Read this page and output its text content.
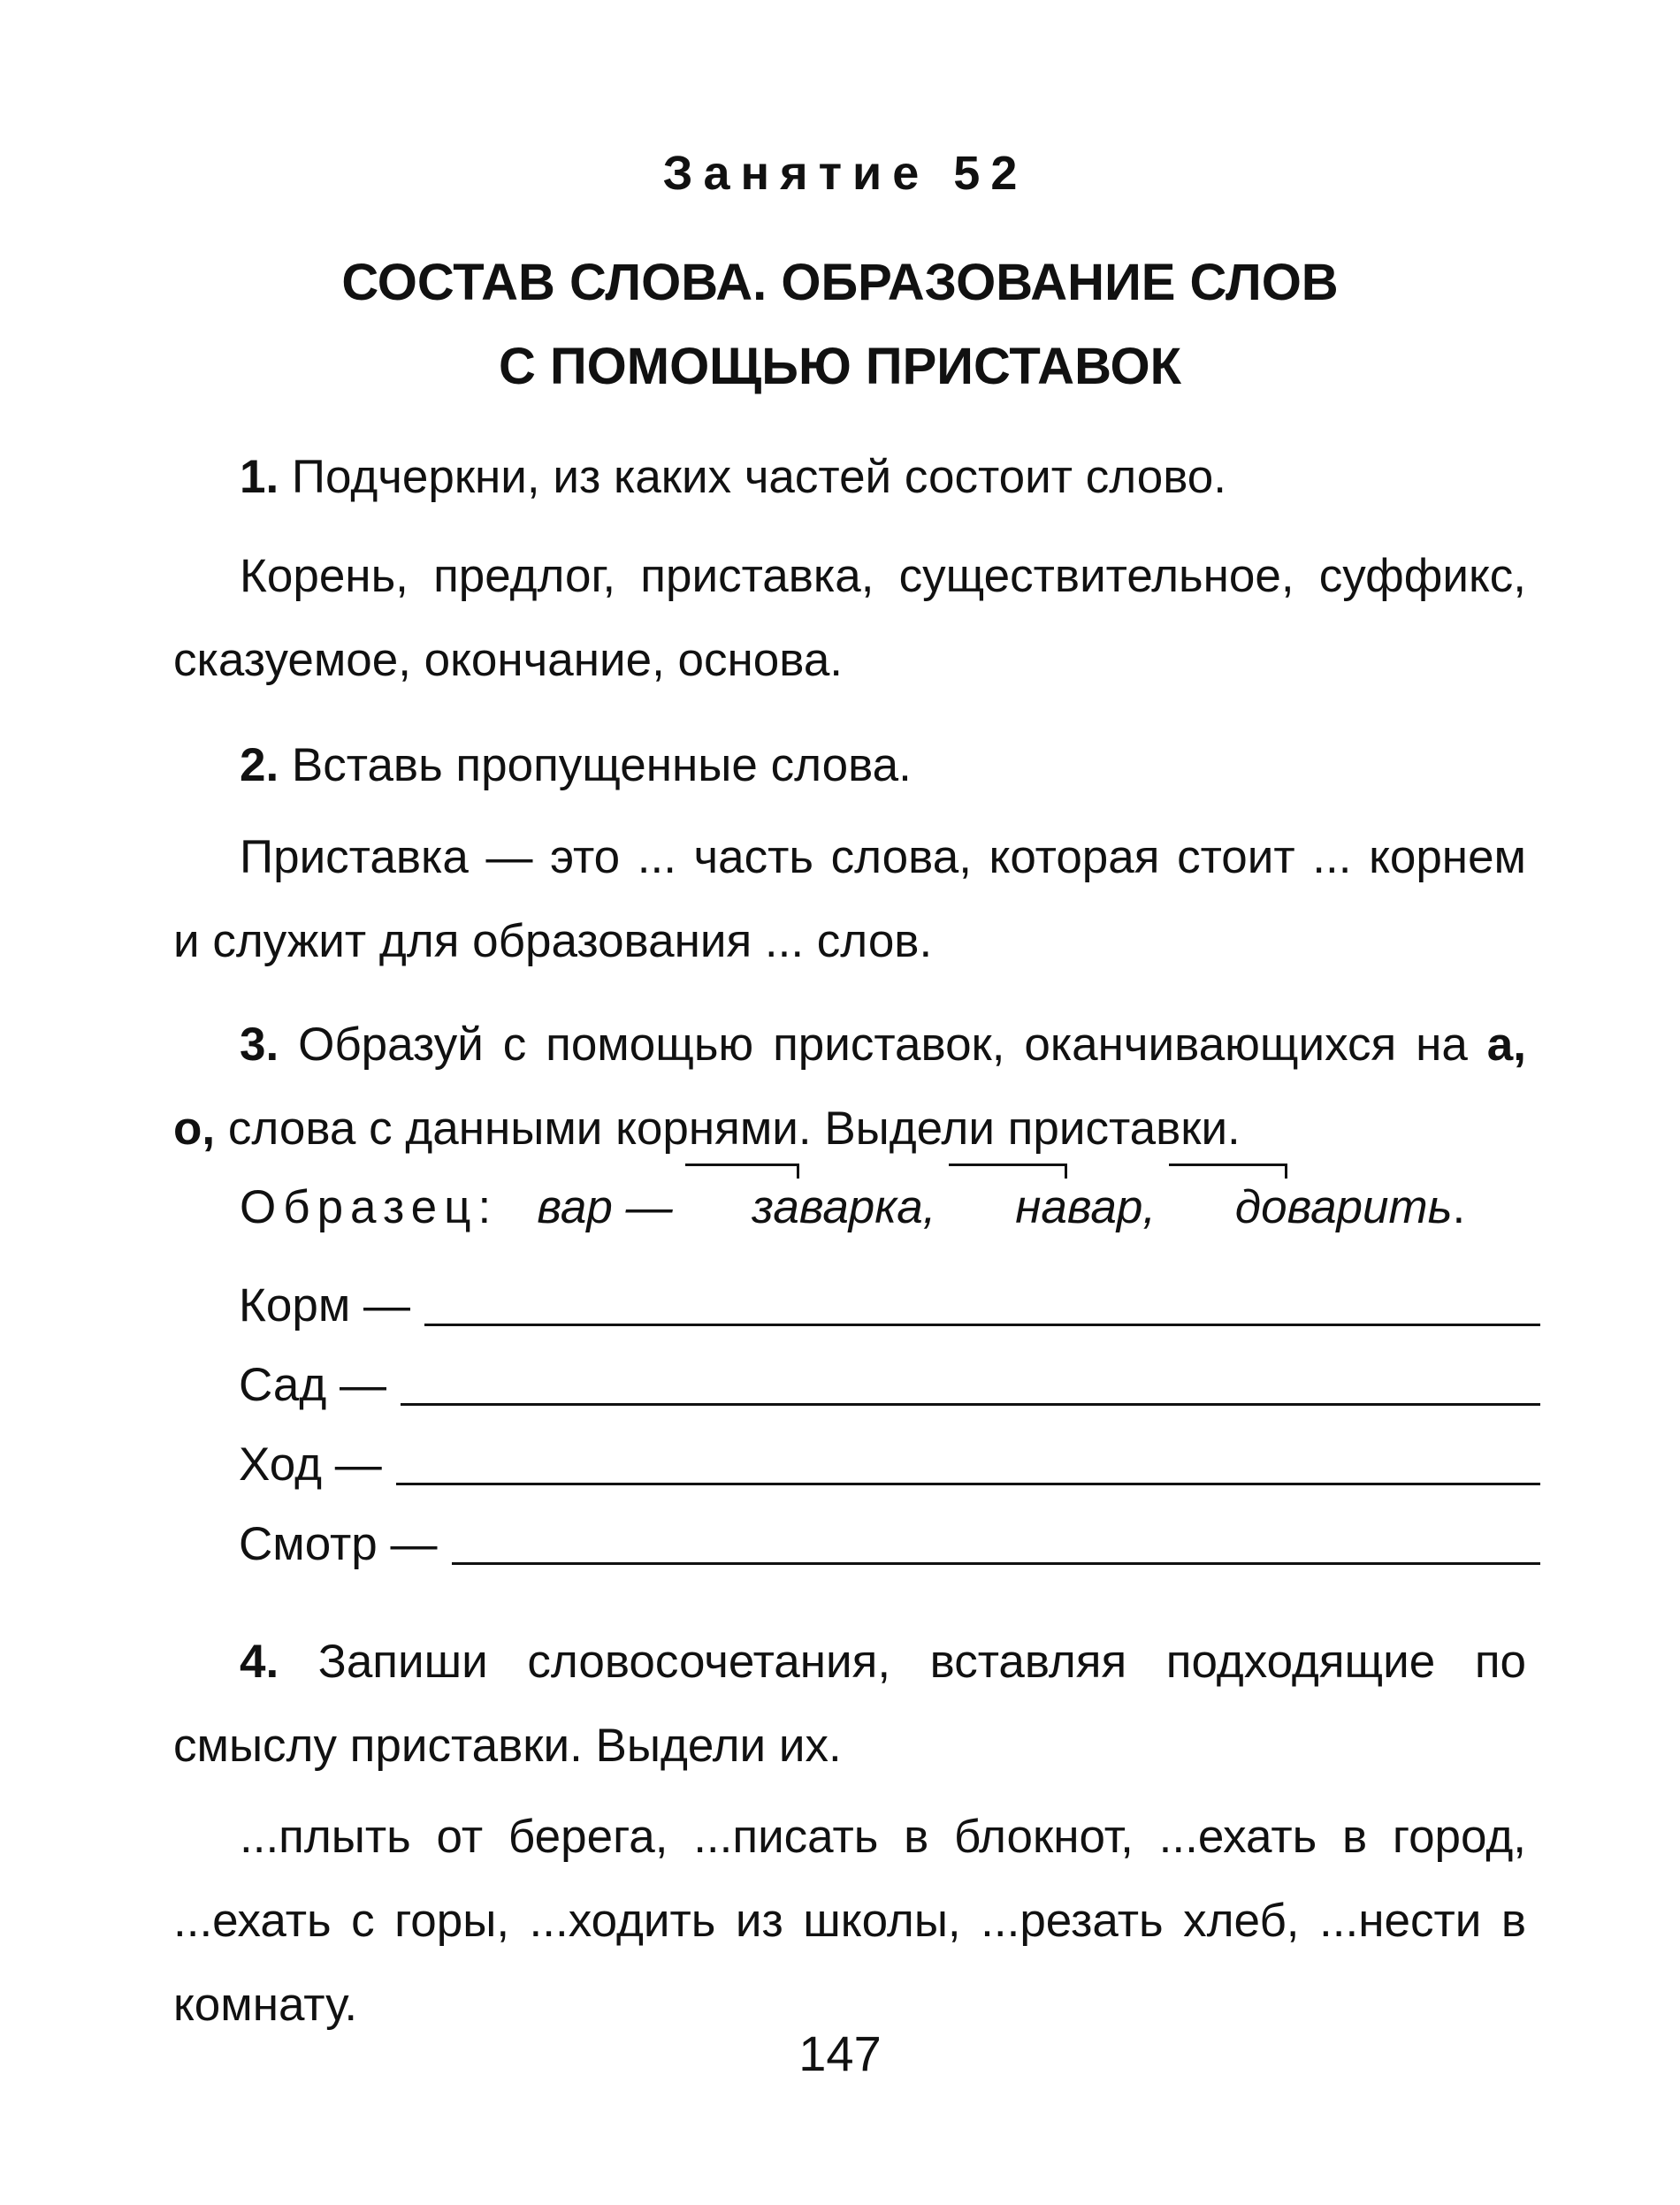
Занятие 52
СОСТАВ СЛОВА. ОБРАЗОВАНИЕ СЛОВ
С ПОМОЩЬЮ ПРИСТАВОК

1. Подчеркни, из каких частей состоит слово.

Корень, предлог, приставка, существительное, суффикс, сказуемое, окончание, основа.

2. Вставь пропущенные слова.

Приставка — это ... часть слова, которая стоит ... корнем и служит для образования ... слов.

3. Образуй с помощью приставок, оканчивающихся на а, о, слова с данными корнями. Выдели приставки.

Образец: вар — заварка, навар, доварить.

Корм —
Сад —
Ход —
Смотр —

4. Запиши словосочетания, вставляя подходящие по смыслу приставки. Выдели их.

...плыть от берега, ...писать в блокнот, ...ехать в город, ...ехать с горы, ...ходить из школы, ...резать хлеб, ...нести в комнату.

147
